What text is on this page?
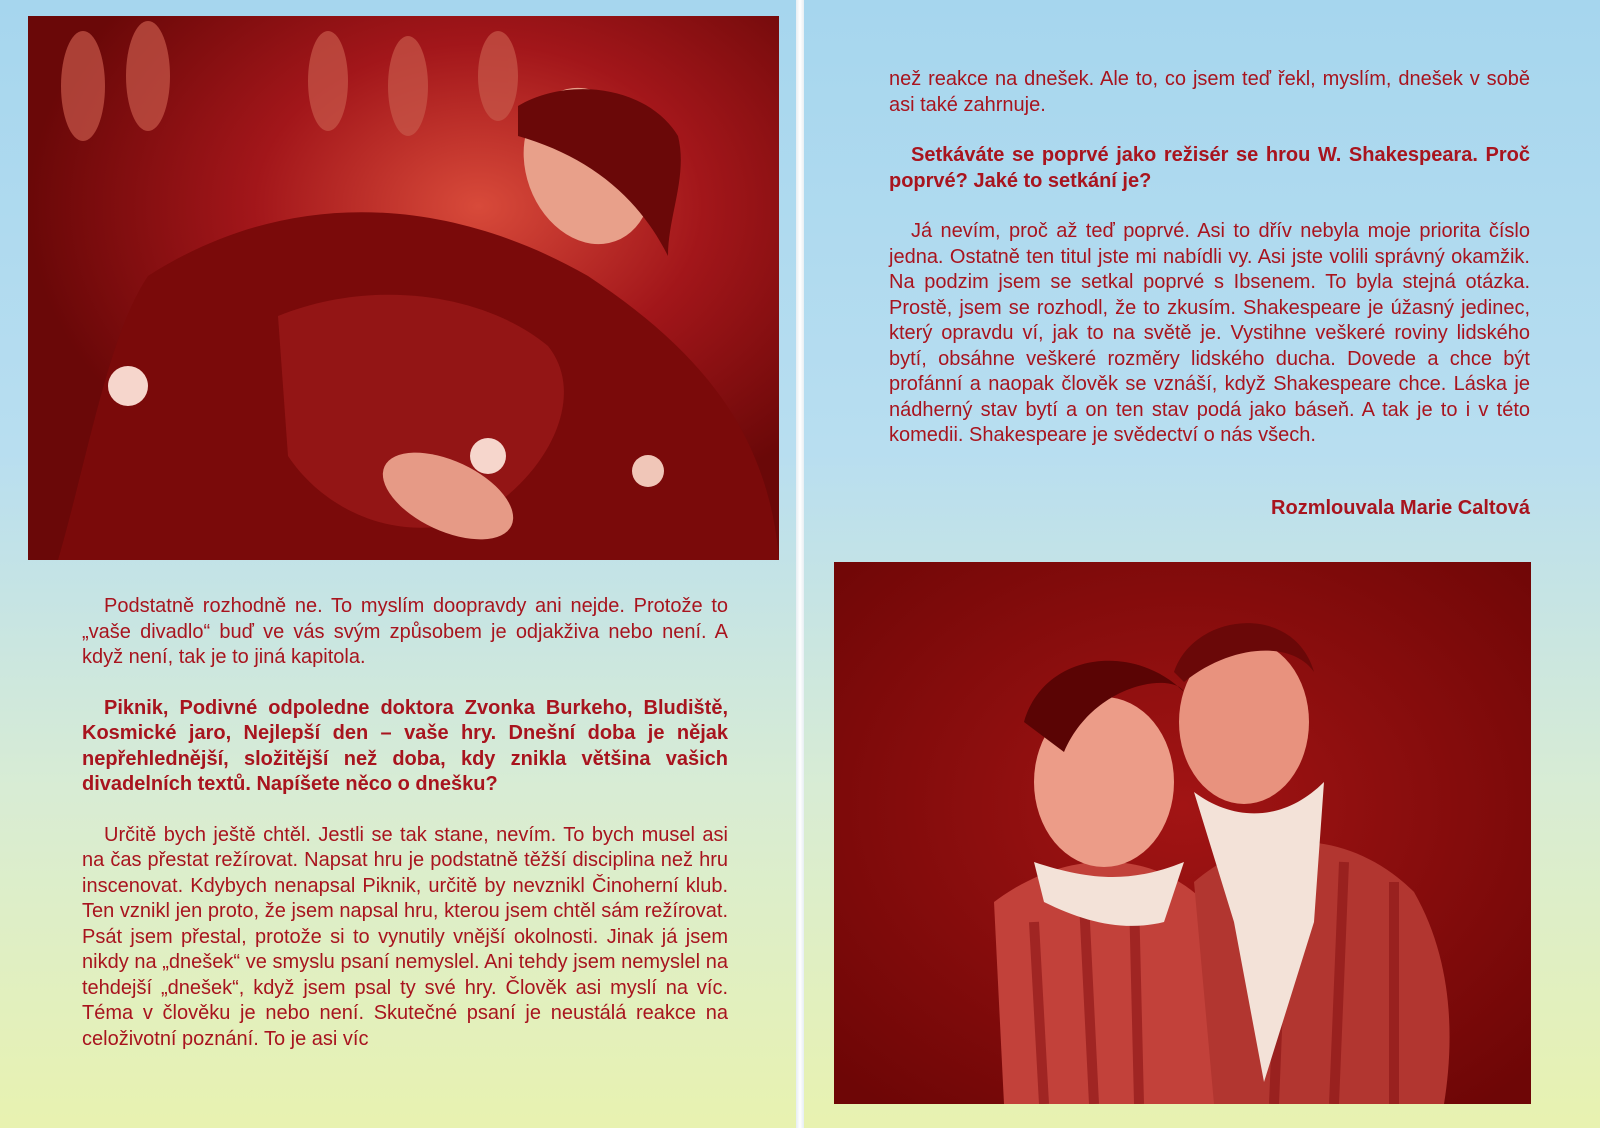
Podstatně rozhodně ne. To myslím doopravdy ani nejde. Protože to „vaše divadlo“ buď ve vás svým způsobem je odjakživa nebo není. A když není, tak je to jiná kapitola.

Piknik, Podivné odpoledne doktora Zvonka Burkeho, Bludiště, Kosmické jaro, Nejlepší den – vaše hry. Dnešní doba je nějak nepřehlednější, složitější než doba, kdy znikla většina vašich divadelních textů. Napíšete něco o dnešku?

Určitě bych ještě chtěl. Jestli se tak stane, nevím. To bych musel asi na čas přestat režírovat. Napsat hru je podstatně těžší disciplina než hru inscenovat. Kdybych nenapsal Piknik, určitě by nevznikl Činoherní klub. Ten vznikl jen proto, že jsem napsal hru, kterou jsem chtěl sám režírovat. Psát jsem přestal, protože si to vynutily vnější okolnosti. Jinak já jsem nikdy na „dnešek“ ve smyslu psaní nemyslel. Ani tehdy jsem nemyslel na tehdejší „dnešek“, když jsem psal ty své hry. Člověk asi myslí na víc. Téma v člověku je nebo není. Skutečné psaní je neustálá reakce na celoživotní poznání. To je asi víc

než reakce na dnešek. Ale to, co jsem teď řekl, myslím, dnešek v sobě asi také zahrnuje.

Setkáváte se poprvé jako režisér se hrou W. Shakespeara. Proč poprvé? Jaké to setkání je?

Já nevím, proč až teď poprvé. Asi to dřív nebyla moje priorita číslo jedna. Ostatně ten titul jste mi nabídli vy. Asi jste volili správný okamžik. Na podzim jsem se setkal poprvé s Ibsenem. To byla stejná otázka. Prostě, jsem se rozhodl, že to zkusím. Shakespeare je úžasný jedinec, který opravdu ví, jak to na světě je. Vystihne veškeré roviny lidského bytí, obsáhne veškeré rozměry lidského ducha. Dovede a chce být profánní a naopak člověk se vznáší, když Shakespeare chce. Láska je nádherný stav bytí a on ten stav podá jako báseň. A tak je to i v této komedii. Shakespeare je svědectví o nás všech.

Rozmlouvala Marie Caltová
